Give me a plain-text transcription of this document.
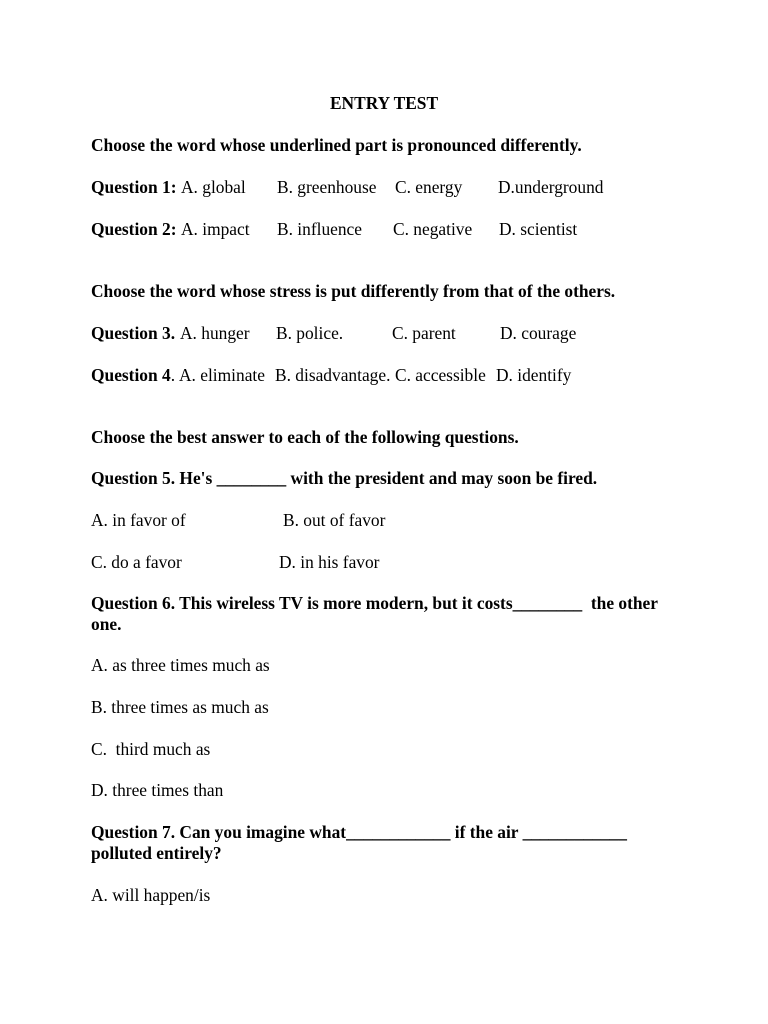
ENTRY TEST
Choose the word whose underlined part is pronounced differently.
Question 1: A. global B. greenhouse C. energy D.underground
Question 2: A. impact B. influence C. negative D. scientist
Choose the word whose stress is put differently from that of the others.
Question 3. A. hunger B. police.	C. parent	D. courage
Question 4. A. eliminate B. disadvantage. C. accessible D. identify
Choose the best answer to each of the following questions.
Question 5. He's ________ with the president and may soon be fired.
A. in favor of	B. out of favor
C. do a favor	D. in his favor
Question 6. This wireless TV is more modern, but it costs________  the other one.
A. as three times much as
B. three times as much as
C.  third much as
D. three times than
Question 7. Can you imagine what____________ if the air ____________ polluted entirely?
A. will happen/is
